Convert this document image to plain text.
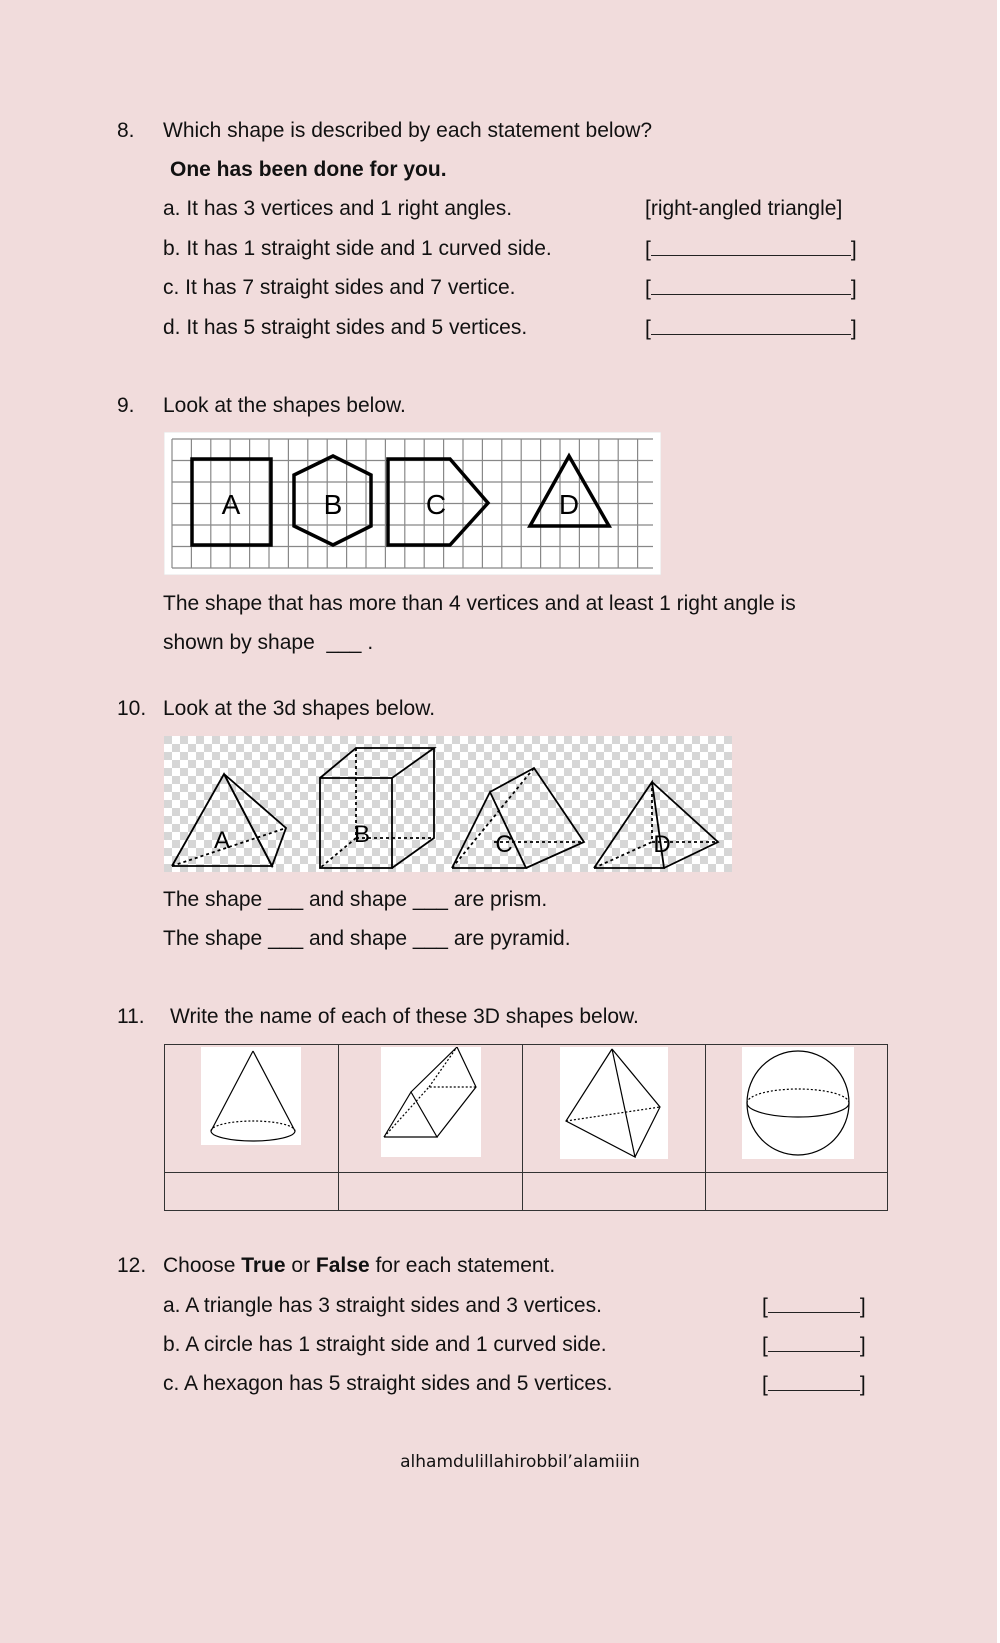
8. Which shape is described by each statement below?
One has been done for you.
a. It has 3 vertices and 1 right angles.	[right-angled triangle]
b. It has 1 straight side and 1 curved side.	[	]
c. It has 7 straight sides and 7 vertice.	[	]
d. It has 5 straight sides and 5 vertices.	[	]
9. Look at the shapes below.
A	B	C	D
The shape that has more than 4 vertices and at least 1 right angle is
shown by shape ___ .
10. Look at the 3d shapes below.
A	B	C	D
The shape ___ and shape ___ are prism.
The shape ___ and shape ___ are pyramid.
11. Write the name of each of these 3D shapes below.

12. Choose True or False for each statement.
a. A triangle has 3 straight sides and 3 vertices.	[	]
b. A circle has 1 straight side and 1 curved side.	[	]
c. A hexagon has 5 straight sides and 5 vertices.	[	]
alhamdulillahirobbil’alamiiin
